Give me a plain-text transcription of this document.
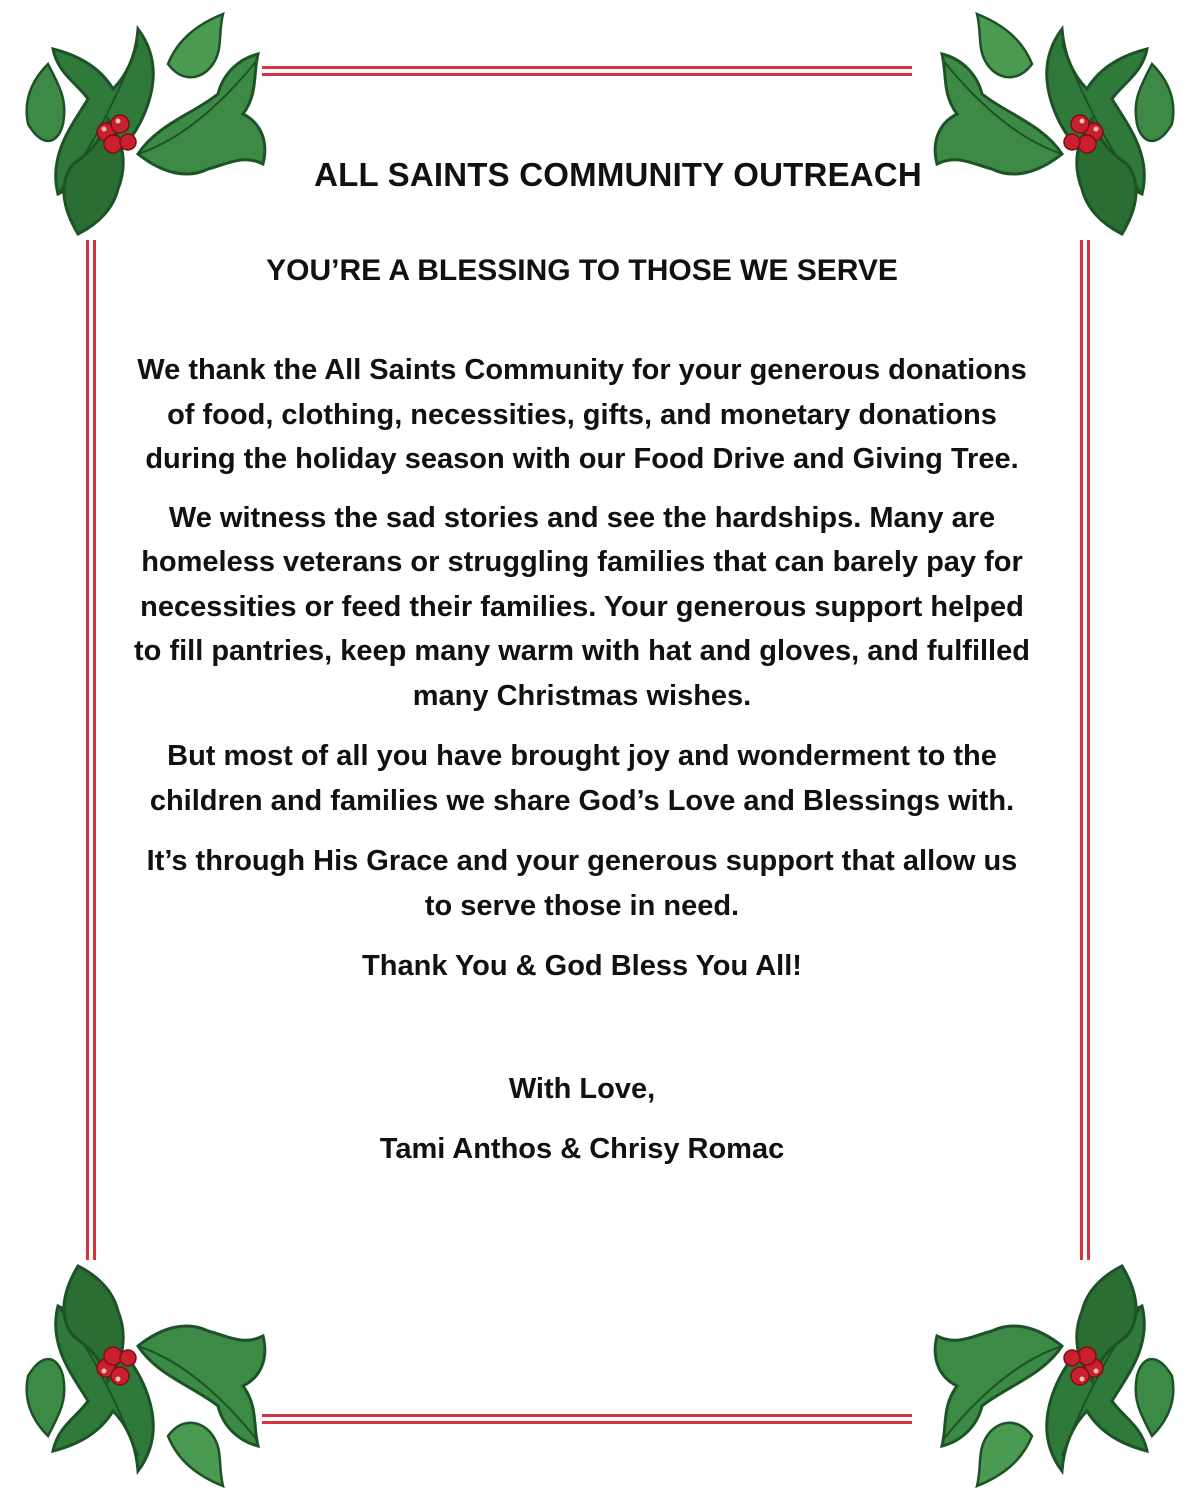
ALL SAINTS COMMUNITY OUTREACH
YOU’RE A BLESSING TO THOSE WE SERVE

We thank the All Saints Community for your generous donations of food, clothing, necessities, gifts, and monetary donations during the holiday season with our Food Drive and Giving Tree.

We witness the sad stories and see the hardships. Many are homeless veterans or struggling families that can barely pay for necessities or feed their families. Your generous support helped to fill pantries, keep many warm with hat and gloves, and fulfilled many Christmas wishes.

But most of all you have brought joy and wonderment to the children and families we share God’s Love and Blessings with.

It’s through His Grace and your generous support that allow us to serve those in need.

Thank You & God Bless You All!

With Love,

Tami Anthos & Chrisy Romac
